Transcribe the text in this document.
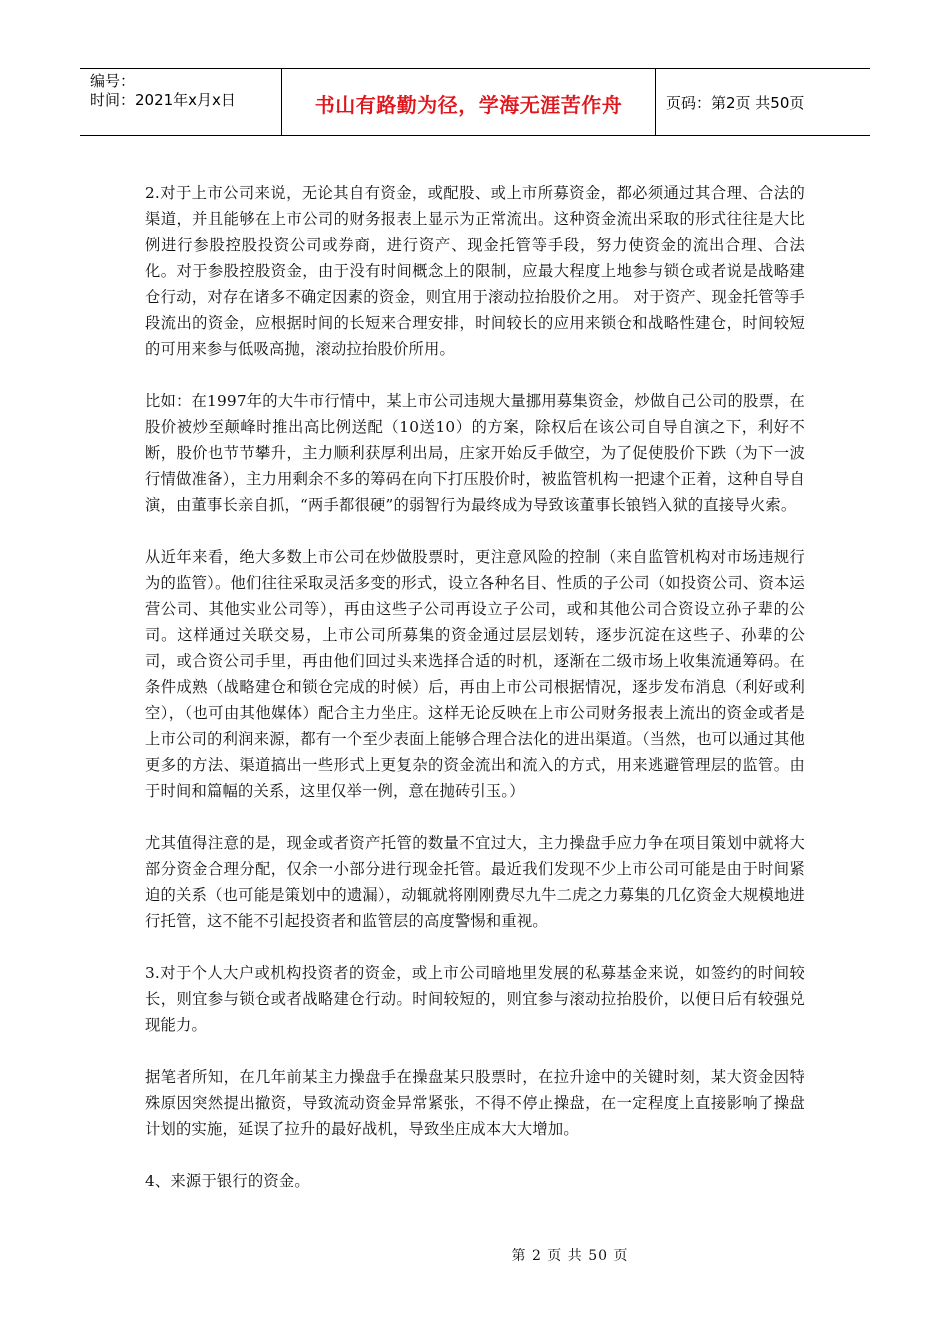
编号：
时间：2021年x月x日	书山有路勤为径，学海无涯苦作舟	页码：第2页 共50页

2.对于上市公司来说，无论其自有资金，或配股、或上市所募资金，都必须通过其合理、合法的渠道，并且能够在上市公司的财务报表上显示为正常流出。这种资金流出采取的形式往往是大比例进行参股控股投资公司或券商，进行资产、现金托管等手段，努力使资金的流出合理、合法化。对于参股控股资金，由于没有时间概念上的限制，应最大程度上地参与锁仓或者说是战略建仓行动，对存在诸多不确定因素的资金，则宜用于滚动拉抬股价之用。 对于资产、现金托管等手段流出的资金，应根据时间的长短来合理安排，时间较长的应用来锁仓和战略性建仓，时间较短的可用来参与低吸高抛，滚动拉抬股价所用。

比如：在1997年的大牛市行情中，某上市公司违规大量挪用募集资金，炒做自己公司的股票，在股价被炒至颠峰时推出高比例送配（10送10）的方案，除权后在该公司自导自演之下，利好不断，股价也节节攀升，主力顺利获厚利出局，庄家开始反手做空，为了促使股价下跌（为下一波行情做准备），主力用剩余不多的筹码在向下打压股价时，被监管机构一把逮个正着，这种自导自演，由董事长亲自抓，“两手都很硬”的弱智行为最终成为导致该董事长锒铛入狱的直接导火索。

从近年来看，绝大多数上市公司在炒做股票时，更注意风险的控制（来自监管机构对市场违规行为的监管）。他们往往采取灵活多变的形式，设立各种名目、性质的子公司（如投资公司、资本运营公司、其他实业公司等），再由这些子公司再设立子公司，或和其他公司合资设立孙子辈的公司。这样通过关联交易，上市公司所募集的资金通过层层划转，逐步沉淀在这些子、孙辈的公司，或合资公司手里，再由他们回过头来选择合适的时机，逐渐在二级市场上收集流通筹码。在条件成熟（战略建仓和锁仓完成的时候）后，再由上市公司根据情况，逐步发布消息（利好或利空），（也可由其他媒体）配合主力坐庄。这样无论反映在上市公司财务报表上流出的资金或者是上市公司的利润来源，都有一个至少表面上能够合理合法化的进出渠道。（当然，也可以通过其他更多的方法、渠道搞出一些形式上更复杂的资金流出和流入的方式，用来逃避管理层的监管。由于时间和篇幅的关系，这里仅举一例，意在抛砖引玉。）

尤其值得注意的是，现金或者资产托管的数量不宜过大，主力操盘手应力争在项目策划中就将大部分资金合理分配，仅余一小部分进行现金托管。最近我们发现不少上市公司可能是由于时间紧迫的关系（也可能是策划中的遗漏），动辄就将刚刚费尽九牛二虎之力募集的几亿资金大规模地进行托管，这不能不引起投资者和监管层的高度警惕和重视。

3.对于个人大户或机构投资者的资金，或上市公司暗地里发展的私募基金来说，如签约的时间较长，则宜参与锁仓或者战略建仓行动。时间较短的，则宜参与滚动拉抬股价，以便日后有较强兑现能力。

据笔者所知，在几年前某主力操盘手在操盘某只股票时，在拉升途中的关键时刻，某大资金因特殊原因突然提出撤资，导致流动资金异常紧张，不得不停止操盘，在一定程度上直接影响了操盘计划的实施，延误了拉升的最好战机，导致坐庄成本大大增加。

4、来源于银行的资金。

第 2 页 共 50 页
